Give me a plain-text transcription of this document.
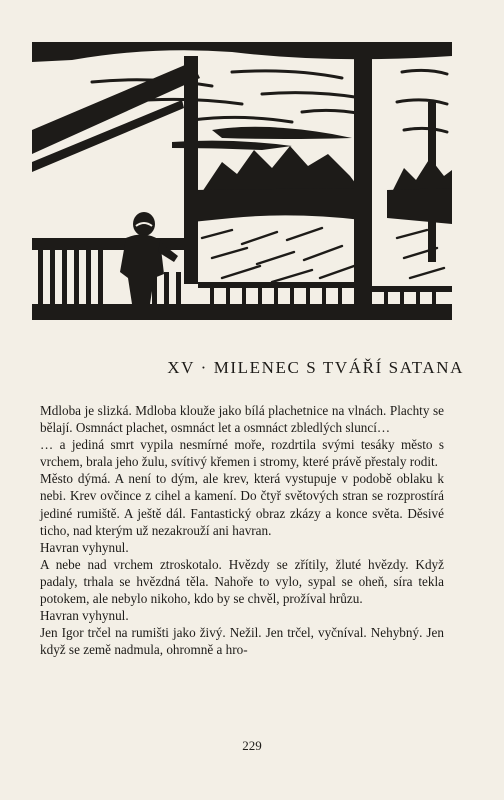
XV · MILENEC S TVÁŘÍ SATANA

Mdloba je slizká. Mdloba klouže jako bílá plachetnice na vlnách. Plachty se bělají. Osmnáct plachet, osmnáct let a osmnáct zbledlých sluncí…

… a jediná smrt vypila nesmírné moře, rozdrtila svými tesáky město s vrchem, brala jeho žulu, svítivý křemen i stromy, které právě přestaly rodit.

Město dýmá. A není to dým, ale krev, která vystupuje v podobě oblaku k nebi. Krev ovčince z cihel a kamení. Do čtyř světových stran se rozprostírá jediné rumiště. A ještě dál. Fantastický obraz zkázy a konce světa. Děsivé ticho, nad kterým už nezakrouží ani havran.

Havran vyhynul.

A nebe nad vrchem ztroskotalo. Hvězdy se zřítily, žluté hvězdy. Když padaly, trhala se hvězdná těla. Nahoře to vylo, sypal se oheň, síra tekla potokem, ale nebylo nikoho, kdo by se chvěl, prožíval hrůzu.

Havran vyhynul.

Jen Igor trčel na rumišti jako živý. Nežil. Jen trčel, vyčníval. Nehybný. Jen když se země nadmula, ohromně a hro-

229
